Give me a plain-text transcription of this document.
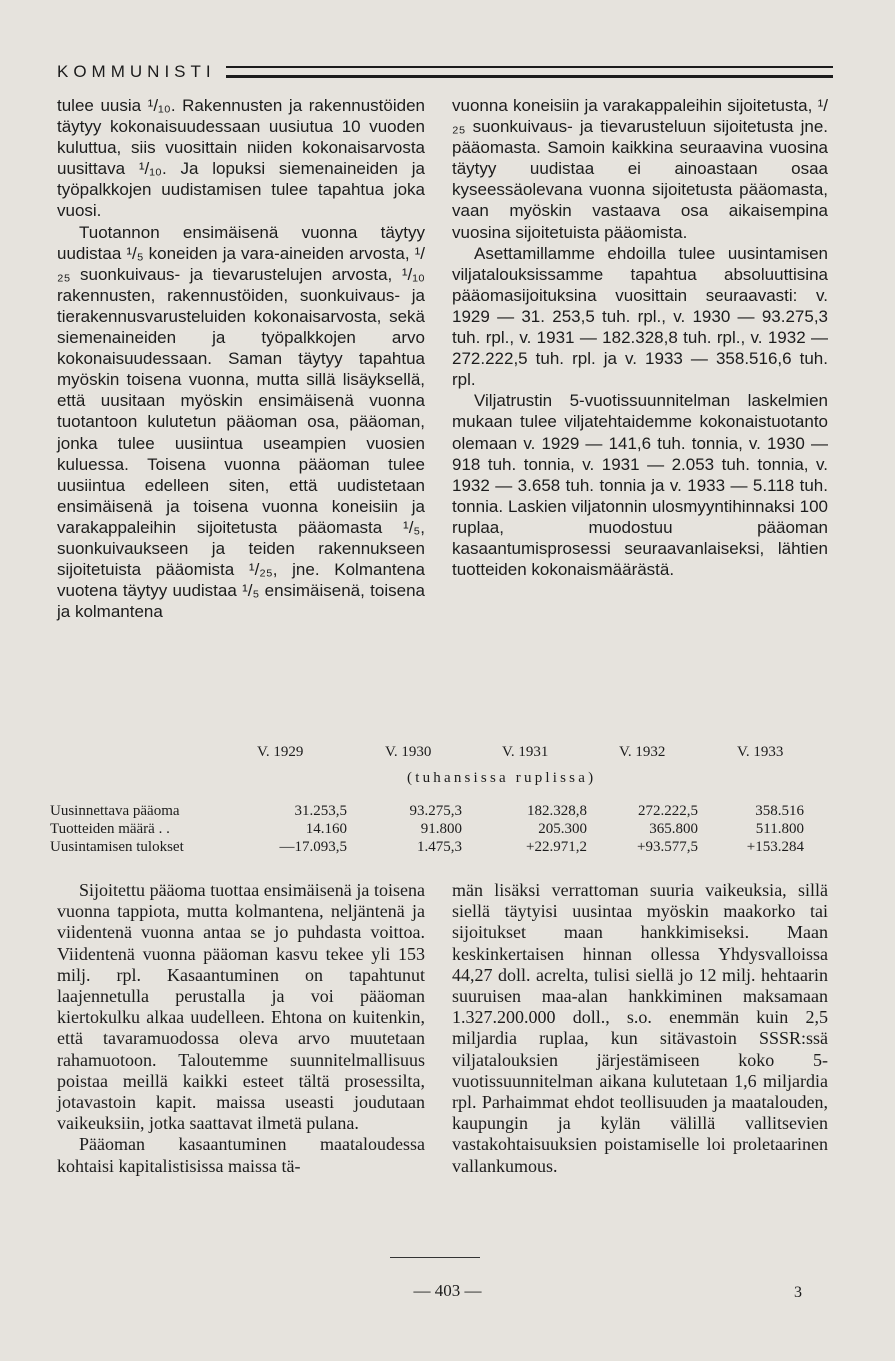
KOMMUNISTI

tulee uusia ¹/₁₀. Rakennusten ja rakennustöiden täytyy kokonaisuudessaan uusiutua 10 vuoden kuluttua, siis vuosittain niiden kokonaisarvosta uusittava ¹/₁₀. Ja lopuksi siemenaineiden ja työpalkkojen uudistamisen tulee tapahtua joka vuosi.

Tuotannon ensimäisenä vuonna täytyy uudistaa ¹/₅ koneiden ja vara-aineiden arvosta, ¹/₂₅ suonkuivaus- ja tievarustelujen arvosta, ¹/₁₀ rakennusten, rakennustöiden, suonkuivaus- ja tierakennusvarusteluiden kokonaisarvosta, sekä siemenaineiden ja työpalkkojen arvo kokonaisuudessaan. Saman täytyy tapahtua myöskin toisena vuonna, mutta sillä lisäyksellä, että uusitaan myöskin ensimäisenä vuonna tuotantoon kulutetun pääoman osa, pääoman, jonka tulee uusiintua useampien vuosien kuluessa. Toisena vuonna pääoman tulee uusiintua edelleen siten, että uudistetaan ensimäisenä ja toisena vuonna koneisiin ja varakappaleihin sijoitetusta pääomasta ¹/₅, suonkuivaukseen ja teiden rakennukseen sijoitetuista pääomista ¹/₂₅, jne. Kolmantena vuotena täytyy uudistaa ¹/₅ ensimäisenä, toisena ja kolmantena

vuonna koneisiin ja varakappaleihin sijoitetusta, ¹/₂₅ suonkuivaus- ja tievarusteluun sijoitetusta jne. pääomasta. Samoin kaikkina seuraavina vuosina täytyy uudistaa ei ainoastaan osaa kyseessäolevana vuonna sijoitetusta pääomasta, vaan myöskin vastaava osa aikaisempina vuosina sijoitetuista pääomista.

Asettamillamme ehdoilla tulee uusintamisen viljatalouksissamme tapahtua absoluuttisina pääomasijoituksina vuosittain seuraavasti: v. 1929 — 31. 253,5 tuh. rpl., v. 1930 — 93.275,3 tuh. rpl., v. 1931 — 182.328,8 tuh. rpl., v. 1932 — 272.222,5 tuh. rpl. ja v. 1933 — 358.516,6 tuh. rpl.

Viljatrustin 5-vuotissuunnitelman laskelmien mukaan tulee viljatehtaidemme kokonaistuotanto olemaan v. 1929 — 141,6 tuh. tonnia, v. 1930 — 918 tuh. tonnia, v. 1931 — 2.053 tuh. tonnia, v. 1932 — 3.658 tuh. tonnia ja v. 1933 — 5.118 tuh. tonnia. Laskien viljatonnin ulosmyyntihinnaksi 100 ruplaa, muodostuu pääoman kasaantumisprosessi seuraavanlaiseksi, lähtien tuotteiden kokonaismäärästä.

V. 1929	V. 1930	V. 1931	V. 1932	V. 1933
(tuhansissa ruplissa)
Uusinnettava pääoma	31.253,5	93.275,3	182.328,8	272.222,5	358.516
Tuotteiden määrä . .	14.160	91.800	205.300	365.800	511.800
Uusintamisen tulokset	—17.093,5	1.475,3	+22.971,2	+93.577,5	+153.284

Sijoitettu pääoma tuottaa ensimäisenä ja toisena vuonna tappiota, mutta kolmantena, neljäntenä ja viidentenä vuonna antaa se jo puhdasta voittoa. Viidentenä vuonna pääoman kasvu tekee yli 153 milj. rpl. Kasaantuminen on tapahtunut laajennetulla perustalla ja voi pääoman kiertokulku alkaa uudelleen. Ehtona on kuitenkin, että tavaramuodossa oleva arvo muutetaan rahamuotoon. Taloutemme suunnitelmallisuus poistaa meillä kaikki esteet tältä prosessilta, jotavastoin kapit. maissa useasti joudutaan vaikeuksiin, jotka saattavat ilmetä pulana.

Pääoman kasaantuminen maataloudessa kohtaisi kapitalistisissa maissa tä-

män lisäksi verrattoman suuria vaikeuksia, sillä siellä täytyisi uusintaa myöskin maakorko tai sijoitukset maan hankkimiseksi. Maan keskinkertaisen hinnan ollessa Yhdysvalloissa 44,27 doll. acrelta, tulisi siellä jo 12 milj. hehtaarin suuruisen maa-alan hankkiminen maksamaan 1.327.200.000 doll., s.o. enemmän kuin 2,5 miljardia ruplaa, kun sitävastoin SSSR:ssä viljatalouksien järjestämiseen koko 5-vuotissuunnitelman aikana kulutetaan 1,6 miljardia rpl. Parhaimmat ehdot teollisuuden ja maatalouden, kaupungin ja kylän välillä vallitsevien vastakohtaisuuksien poistamiselle loi proletaarinen vallankumous.

— 403 —	3
